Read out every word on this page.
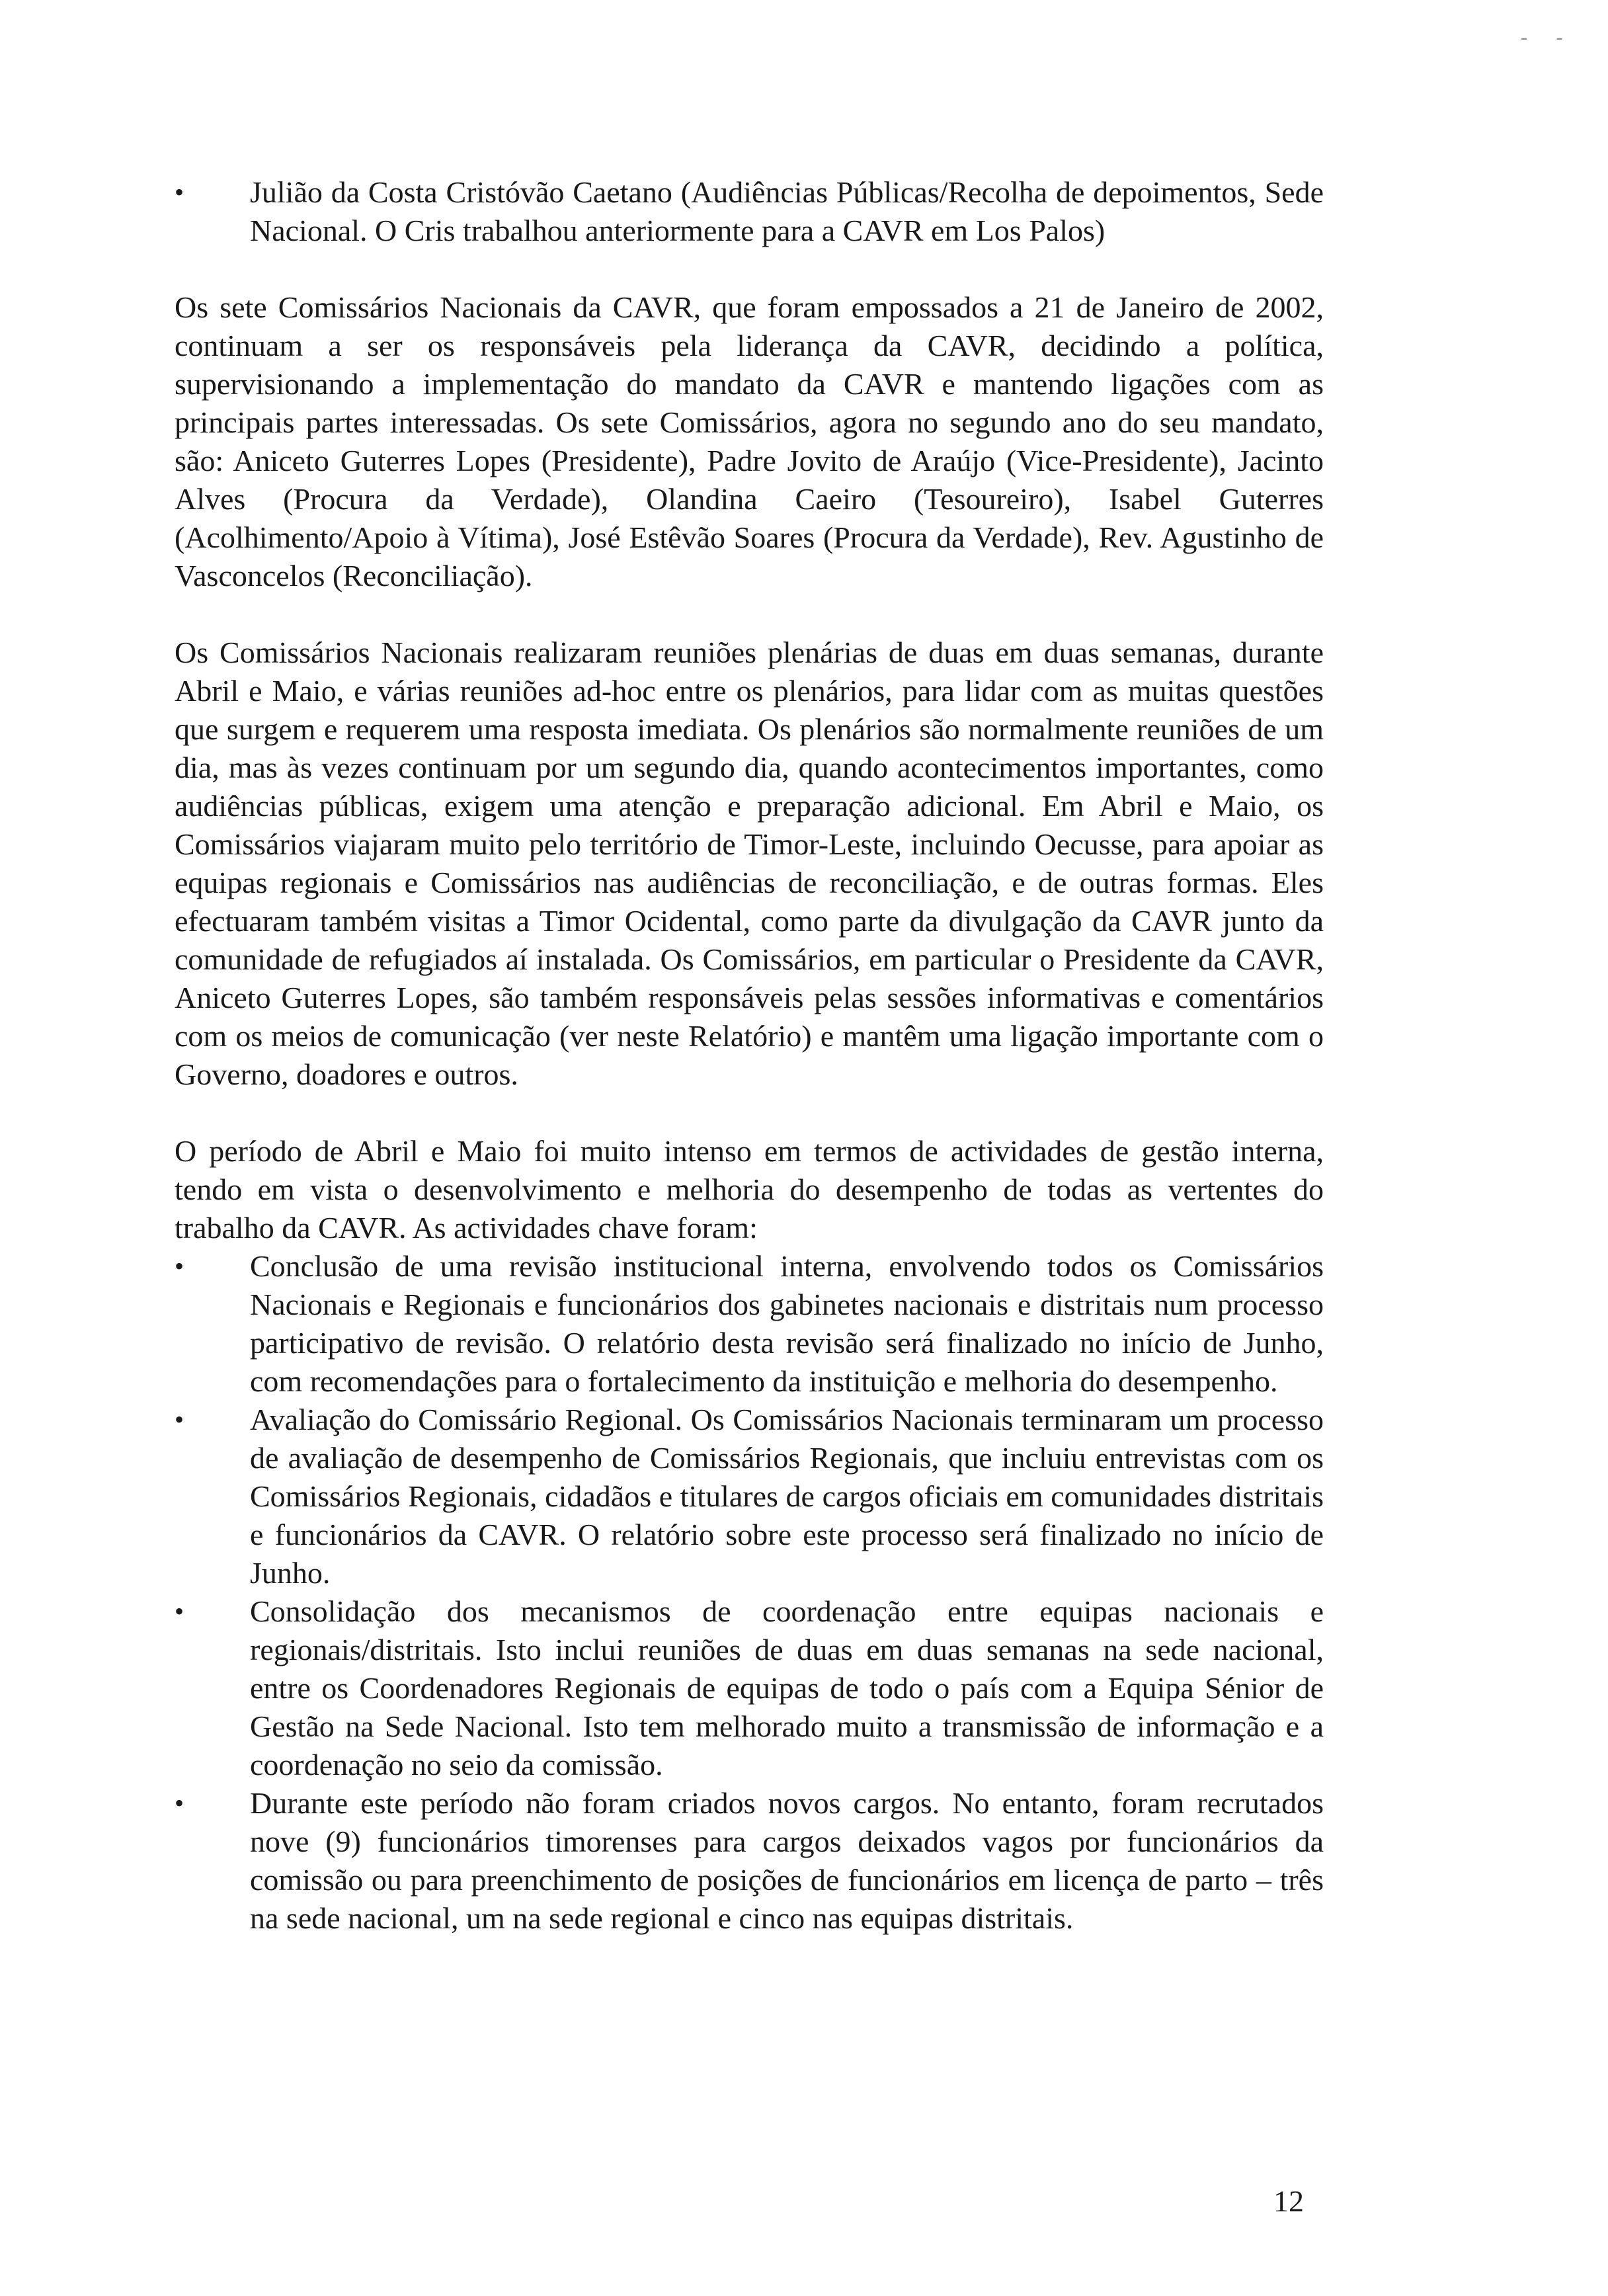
- -
•	Julião da Costa Cristóvão Caetano (Audiências Públicas/Recolha de depoimentos, Sede Nacional. O Cris trabalhou anteriormente para a CAVR em Los Palos)

Os sete Comissários Nacionais da CAVR, que foram empossados a 21 de Janeiro de 2002, continuam a ser os responsáveis pela liderança da CAVR, decidindo a política, supervisionando a implementação do mandato da CAVR e mantendo ligações com as principais partes interessadas. Os sete Comissários, agora no segundo ano do seu mandato, são: Aniceto Guterres Lopes (Presidente), Padre Jovito de Araújo (Vice-Presidente), Jacinto Alves (Procura da Verdade), Olandina Caeiro (Tesoureiro), Isabel Guterres (Acolhimento/Apoio à Vítima), José Estêvão Soares (Procura da Verdade), Rev. Agustinho de Vasconcelos (Reconciliação).

Os Comissários Nacionais realizaram reuniões plenárias de duas em duas semanas, durante Abril e Maio, e várias reuniões ad-hoc entre os plenários, para lidar com as muitas questões que surgem e requerem uma resposta imediata. Os plenários são normalmente reuniões de um dia, mas às vezes continuam por um segundo dia, quando acontecimentos importantes, como audiências públicas, exigem uma atenção e preparação adicional. Em Abril e Maio, os Comissários viajaram muito pelo território de Timor-Leste, incluindo Oecusse, para apoiar as equipas regionais e Comissários nas audiências de reconciliação, e de outras formas. Eles efectuaram também visitas a Timor Ocidental, como parte da divulgação da CAVR junto da comunidade de refugiados aí instalada. Os Comissários, em particular o Presidente da CAVR, Aniceto Guterres Lopes, são também responsáveis pelas sessões informativas e comentários com os meios de comunicação (ver neste Relatório) e mantêm uma ligação importante com o Governo, doadores e outros.

O período de Abril e Maio foi muito intenso em termos de actividades de gestão interna, tendo em vista o desenvolvimento e melhoria do desempenho de todas as vertentes do trabalho da CAVR. As actividades chave foram:

•	Conclusão de uma revisão institucional interna, envolvendo todos os Comissários Nacionais e Regionais e funcionários dos gabinetes nacionais e distritais num processo participativo de revisão. O relatório desta revisão será finalizado no início de Junho, com recomendações para o fortalecimento da instituição e melhoria do desempenho.
•	Avaliação do Comissário Regional. Os Comissários Nacionais terminaram um processo de avaliação de desempenho de Comissários Regionais, que incluiu entrevistas com os Comissários Regionais, cidadãos e titulares de cargos oficiais em comunidades distritais e funcionários da CAVR. O relatório sobre este processo será finalizado no início de Junho.
•	Consolidação dos mecanismos de coordenação entre equipas nacionais e regionais/distritais. Isto inclui reuniões de duas em duas semanas na sede nacional, entre os Coordenadores Regionais de equipas de todo o país com a Equipa Sénior de Gestão na Sede Nacional. Isto tem melhorado muito a transmissão de informação e a coordenação no seio da comissão.
•	Durante este período não foram criados novos cargos. No entanto, foram recrutados nove (9) funcionários timorenses para cargos deixados vagos por funcionários da comissão ou para preenchimento de posições de funcionários em licença de parto – três na sede nacional, um na sede regional e cinco nas equipas distritais.
12
